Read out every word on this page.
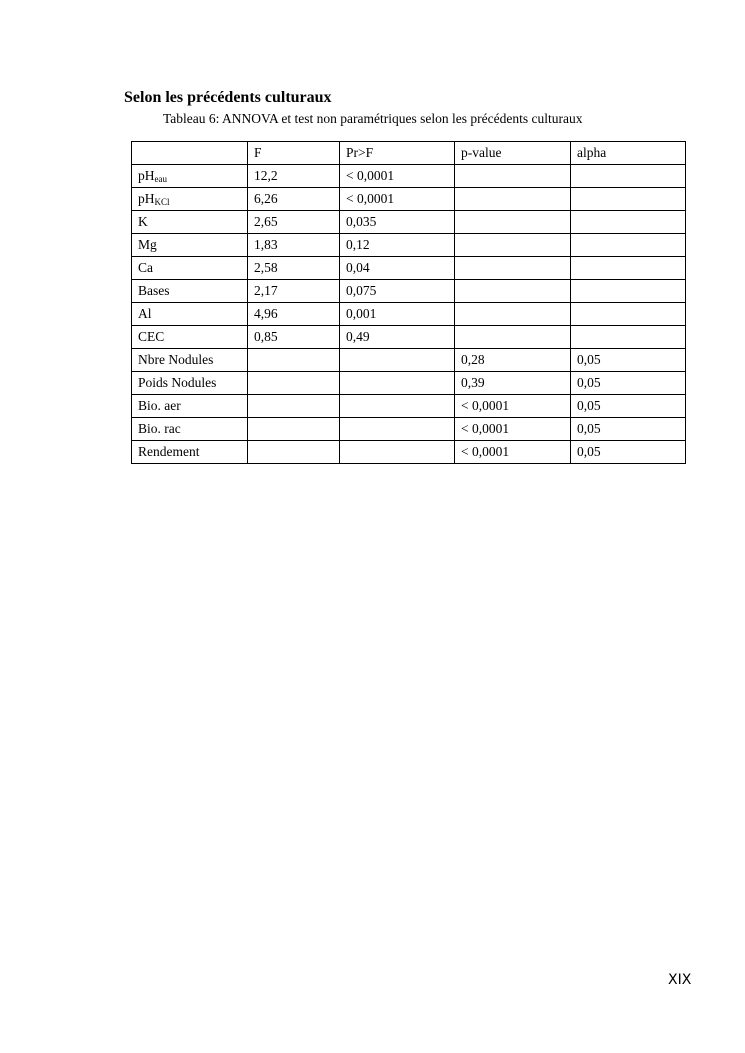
Selon les précédents culturaux

Tableau 6: ANNOVA et test non paramétriques selon les précédents culturaux

	F	Pr>F	p-value	alpha
$pH_{eau}$	12,2	< 0,0001		
$pH_{KCl}$	6,26	< 0,0001		
K	2,65	0,035		
Mg	1,83	0,12		
Ca	2,58	0,04		
Bases	2,17	0,075		
Al	4,96	0,001		
CEC	0,85	0,49		
Nbre Nodules			0,28	0,05
Poids Nodules			0,39	0,05
Bio. aer			< 0,0001	0,05
Bio. rac			< 0,0001	0,05
Rendement			< 0,0001	0,05
XIX
